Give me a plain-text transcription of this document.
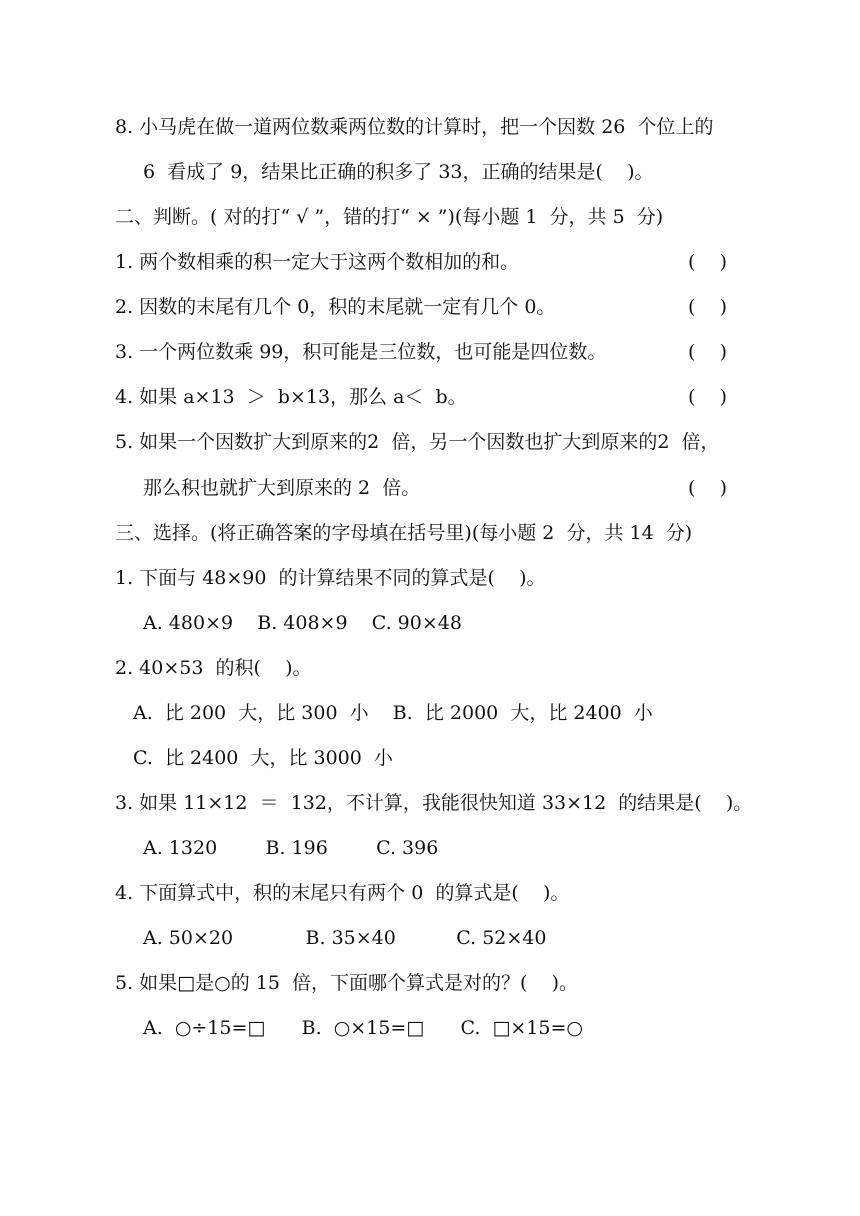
8. 小马虎在做一道两位数乘两位数的计算时，把一个因数 26  个位上的
6  看成了 9，结果比正确的积多了 33，正确的结果是(    )。
二、判断。( 对的打“ √ ”，错的打“ × ”)(每小题 1  分，共 5  分)
1. 两个数相乘的积一定大于这两个数相加的和。	(    )
2. 因数的末尾有几个 0，积的末尾就一定有几个 0。	(    )
3. 一个两位数乘 99，积可能是三位数，也可能是四位数。	(    )
4. 如果 a×13  ＞  b×13，那么 a＜  b。	(    )
5. 如果一个因数扩大到原来的2  倍，另一个因数也扩大到原来的2  倍，
那么积也就扩大到原来的 2  倍。	(    )
三、选择。(将正确答案的字母填在括号里)(每小题 2  分，共 14  分)
1. 下面与 48×90  的计算结果不同的算式是(    )。
A. 480×9    B. 408×9    C. 90×48
2. 40×53  的积(    )。
A.  比 200  大，比 300  小    B.  比 2000  大，比 2400  小
C.  比 2400  大，比 3000  小
3. 如果 11×12  ＝  132，不计算，我能很快知道 33×12  的结果是(    )。
A. 1320        B. 196        C. 396
4. 下面算式中，积的末尾只有两个 0  的算式是(    )。
A. 50×20            B. 35×40          C. 52×40
5. 如果□是○的 15  倍，下面哪个算式是对的？(    )。
A.  ○÷15=□      B.  ○×15=□      C.  □×15=○
